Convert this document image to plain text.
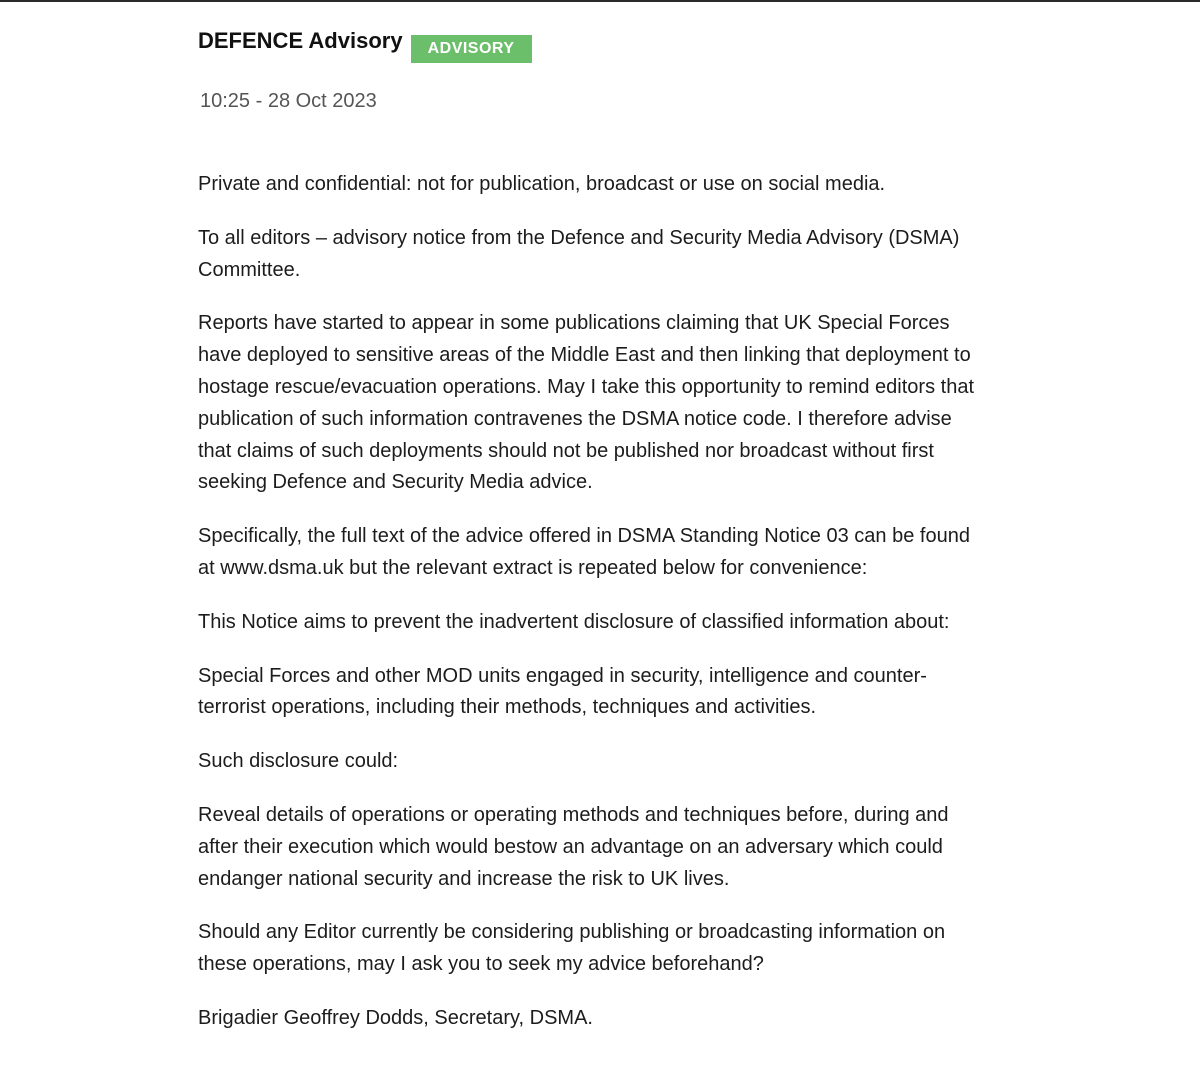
DEFENCE Advisory	ADVISORY
10:25 - 28 Oct 2023

Private and confidential: not for publication, broadcast or use on social media.

To all editors – advisory notice from the Defence and Security Media Advisory (DSMA) Committee.

Reports have started to appear in some publications claiming that UK Special Forces have deployed to sensitive areas of the Middle East and then linking that deployment to hostage rescue/evacuation operations. May I take this opportunity to remind editors that publication of such information contravenes the DSMA notice code. I therefore advise that claims of such deployments should not be published nor broadcast without first seeking Defence and Security Media advice.

Specifically, the full text of the advice offered in DSMA Standing Notice 03 can be found at www.dsma.uk but the relevant extract is repeated below for convenience:

This Notice aims to prevent the inadvertent disclosure of classified information about:

Special Forces and other MOD units engaged in security, intelligence and counter-terrorist operations, including their methods, techniques and activities.

Such disclosure could:

Reveal details of operations or operating methods and techniques before, during and after their execution which would bestow an advantage on an adversary which could endanger national security and increase the risk to UK lives.

Should any Editor currently be considering publishing or broadcasting information on these operations, may I ask you to seek my advice beforehand?

Brigadier Geoffrey Dodds, Secretary, DSMA.
